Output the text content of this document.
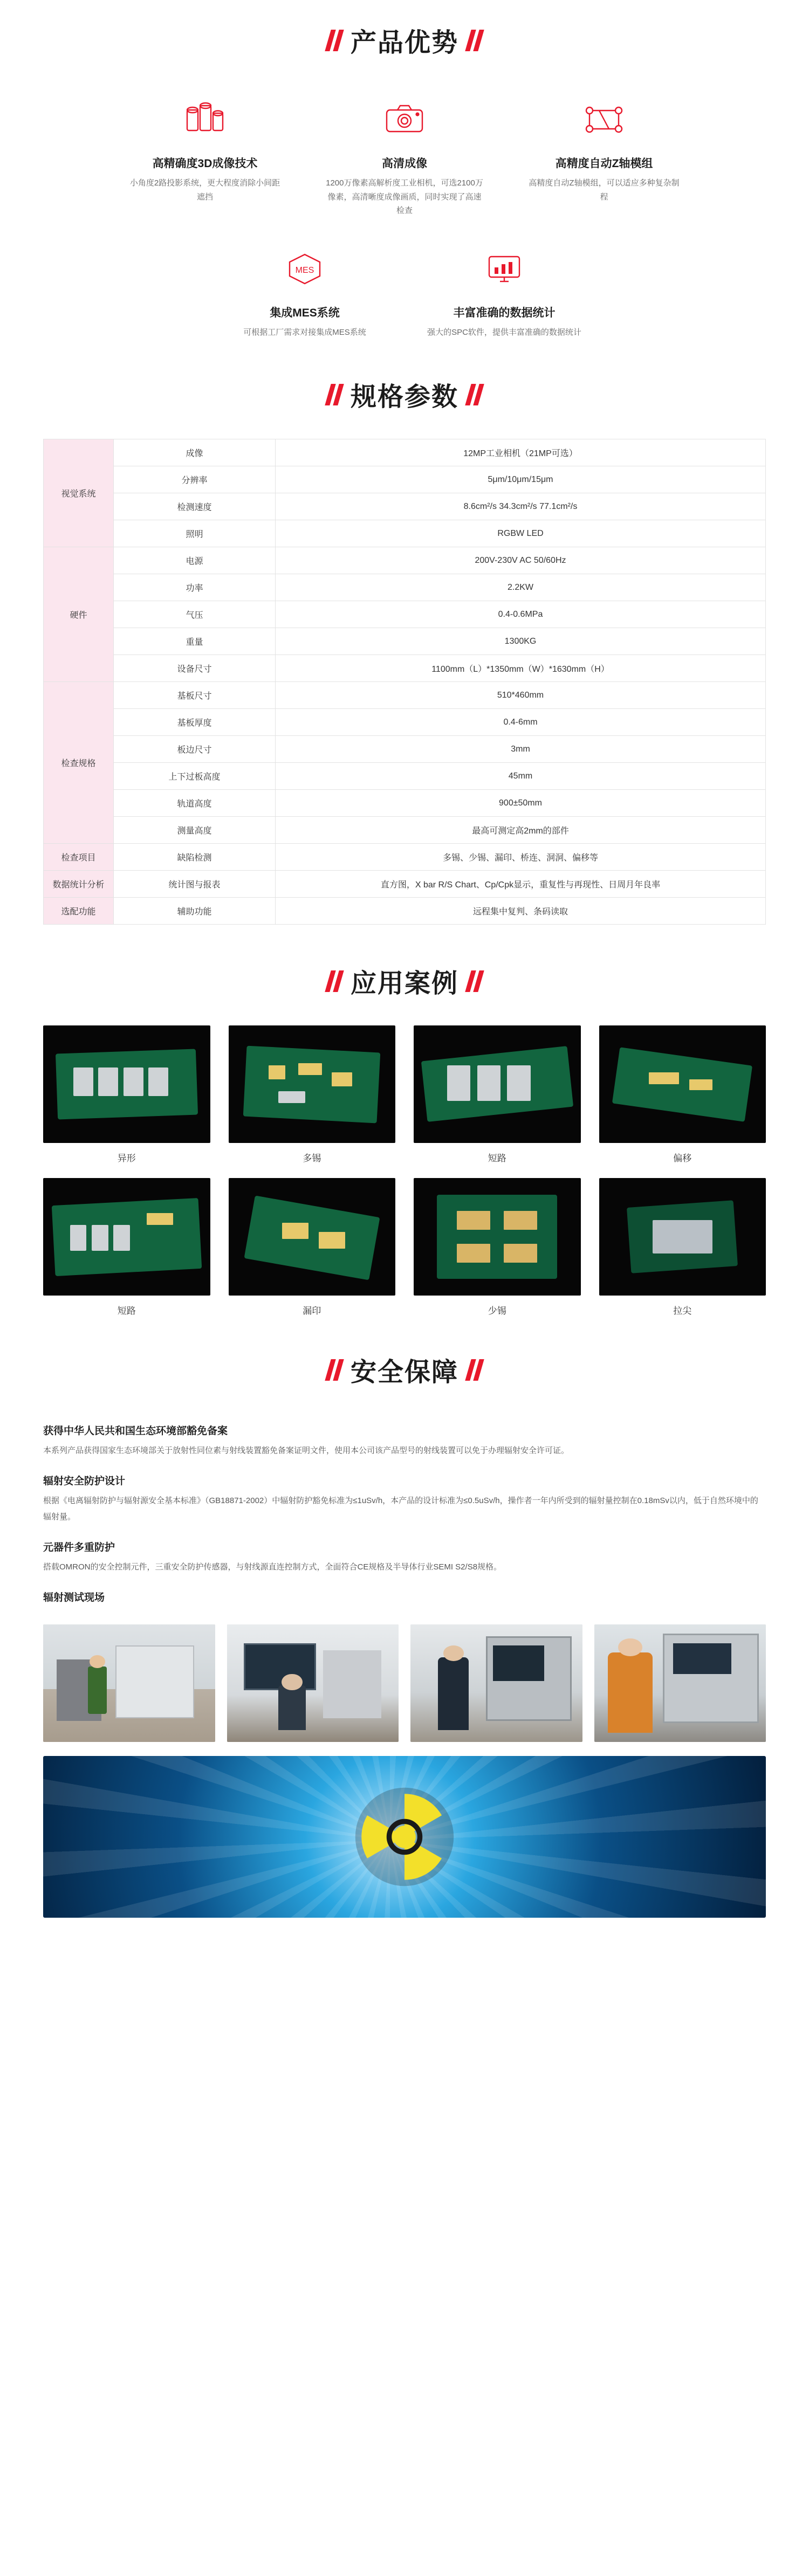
产品优势
高精确度3D成像技术
小角度2路投影系统，更大程度消除小间距遮挡
高清成像
1200万像素高解析度工业相机，可选2100万像素，高清晰度成像画质，同时实现了高速检查
高精度自动Z轴模组
高精度自动Z轴模组，可以适应多种复杂制程
MES
集成MES系统
可根据工厂需求对接集成MES系统
丰富准确的数据统计
强大的SPC软件，提供丰富准确的数据统计
规格参数
视觉系统	成像	12MP工业相机（21MP可选）
	分辨率	5μm/10μm/15μm
	检测速度	8.6cm²/s 34.3cm²/s 77.1cm²/s
	照明	RGBW LED
硬件	电源	200V-230V AC 50/60Hz
	功率	2.2KW
	气压	0.4-0.6MPa
	重量	1300KG
	设备尺寸	1100mm（L）*1350mm（W）*1630mm（H）
检查规格	基板尺寸	510*460mm
	基板厚度	0.4-6mm
	板边尺寸	3mm
	上下过板高度	45mm
	轨道高度	900±50mm
	测量高度	最高可测定高2mm的部件
检查项目	缺陷检测	多锡、少锡、漏印、桥连、洞洞、偏移等
数据统计分析	统计图与报表	直方图，X bar R/S Chart、Cp/Cpk显示，重复性与再现性、日周月年良率
选配功能	辅助功能	远程集中复判、条码读取
应用案例
异形	多锡	短路	偏移
短路	漏印	少锡	拉尖
安全保障
获得中华人民共和国生态环境部豁免备案

本系列产品获得国家生态环境部关于放射性同位素与射线装置豁免备案证明文件，使用本公司该产品型号的射线装置可以免于办理辐射安全许可证。

辐射安全防护设计

根据《电离辐射防护与辐射源安全基本标准》（GB18871-2002）中辐射防护豁免标准为≤1uSv/h，本产品的设计标准为≤0.5uSv/h，操作者一年内所受到的辐射量控制在0.18mSv以内，低于自然环境中的辐射量。

元器件多重防护

搭载OMRON的安全控制元件，三重安全防护传感器，与射线源直连控制方式，全面符合CE规格及半导体行业SEMI S2/S8规格。

辐射测试现场
